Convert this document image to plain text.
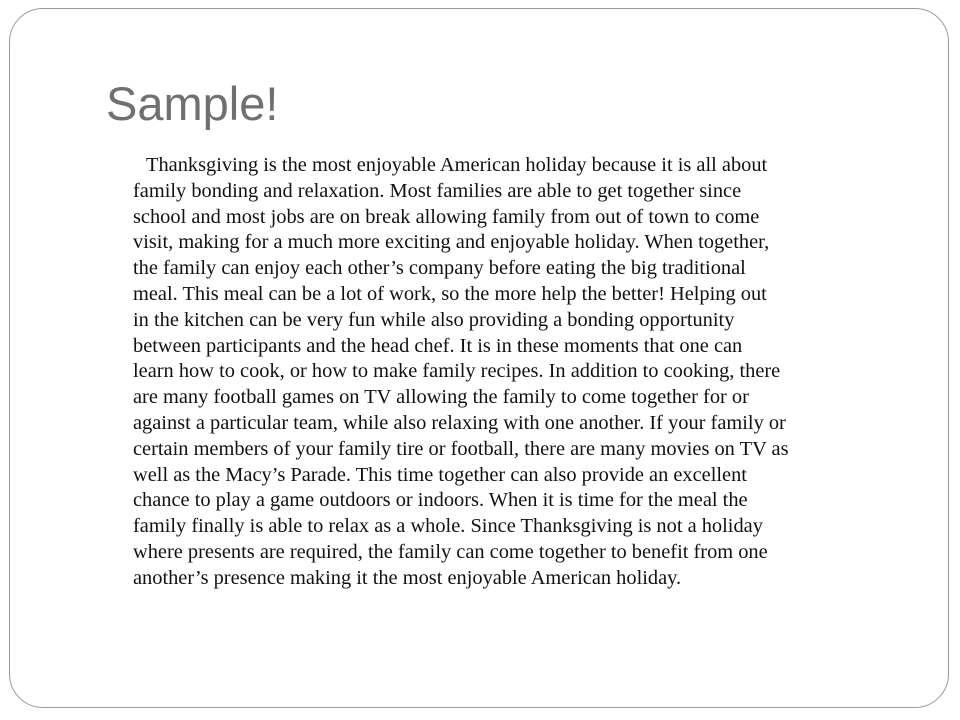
Sample!
Thanksgiving is the most enjoyable American holiday because it is all about
family bonding and relaxation. Most families are able to get together since
school and most jobs are on break allowing family from out of town to come
visit, making for a much more exciting and enjoyable holiday. When together,
the family can enjoy each other’s company before eating the big traditional
meal. This meal can be a lot of work, so the more help the better! Helping out
in the kitchen can be very fun while also providing a bonding opportunity
between participants and the head chef. It is in these moments that one can
learn how to cook, or how to make family recipes. In addition to cooking, there
are many football games on TV allowing the family to come together for or
against a particular team, while also relaxing with one another. If your family or
certain members of your family tire or football, there are many movies on TV as
well as the Macy’s Parade. This time together can also provide an excellent
chance to play a game outdoors or indoors. When it is time for the meal the
family finally is able to relax as a whole. Since Thanksgiving is not a holiday
where presents are required, the family can come together to benefit from one
another’s presence making it the most enjoyable American holiday.
